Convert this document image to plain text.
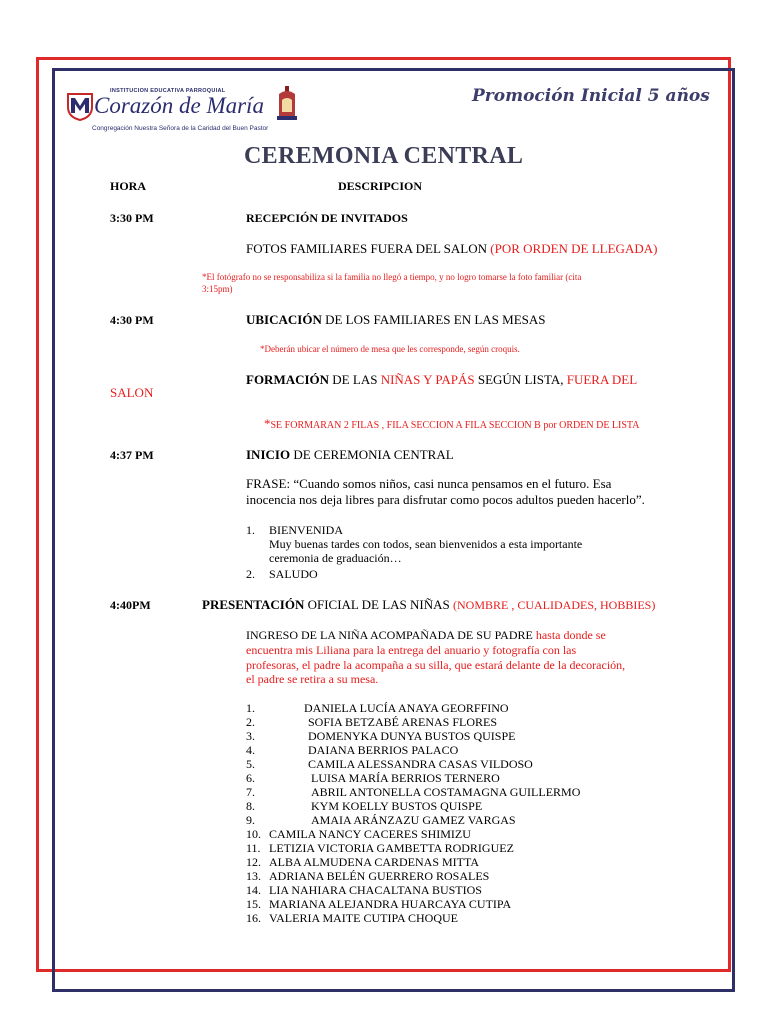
INSTITUCION EDUCATIVA PARROQUIAL
Corazón de María
Congregación Nuestra Señora de la Caridad del Buen Pastor
Promoción Inicial 5 años
CEREMONIA CENTRAL
HORA	DESCRIPCION
3:30 PM	RECEPCIÓN DE INVITADOS
FOTOS FAMILIARES FUERA DEL SALON (POR ORDEN DE LLEGADA)
*El fotógrafo no se responsabiliza si la familia no llegó a tiempo, y no logro tomarse la foto familiar (cita
3:15pm)
4:30 PM	UBICACIÓN DE LOS FAMILIARES EN LAS MESAS
*Deberán ubicar el número de mesa que les corresponde, según croquis.
FORMACIÓN DE LAS NIÑAS Y PAPÁS SEGÚN LISTA, FUERA DEL
SALON
*SE FORMARAN 2 FILAS , FILA SECCION A FILA SECCION B por ORDEN DE LISTA
4:37 PM	INICIO DE CEREMONIA CENTRAL
FRASE: “Cuando somos niños, casi nunca pensamos en el futuro. Esa
inocencia nos deja libres para disfrutar como pocos adultos pueden hacerlo”.
1. BIENVENIDA
Muy buenas tardes con todos, sean bienvenidos a esta importante
ceremonia de graduación…
2. SALUDO
4:40PM	PRESENTACIÓN OFICIAL DE LAS NIÑAS (NOMBRE , CUALIDADES, HOBBIES)
INGRESO DE LA NIÑA ACOMPAÑADA DE SU PADRE hasta donde se
encuentra mis Liliana para la entrega del anuario y fotografía con las
profesoras, el padre la acompaña a su silla, que estará delante de la decoración,
el padre se retira a su mesa.
1.	DANIELA LUCÍA ANAYA GEORFFINO
2.	SOFIA BETZABÉ ARENAS FLORES
3.	DOMENYKA DUNYA BUSTOS QUISPE
4.	DAIANA BERRIOS PALACO
5.	CAMILA ALESSANDRA CASAS VILDOSO
6.	LUISA MARÍA BERRIOS TERNERO
7.	ABRIL ANTONELLA COSTAMAGNA GUILLERMO
8.	KYM KOELLY BUSTOS QUISPE
9.	AMAIA ARÁNZAZU GAMEZ VARGAS
10. CAMILA NANCY CACERES SHIMIZU
11. LETIZIA VICTORIA GAMBETTA RODRIGUEZ
12. ALBA ALMUDENA CARDENAS MITTA
13. ADRIANA BELÉN GUERRERO ROSALES
14. LIA NAHIARA CHACALTANA BUSTIOS
15. MARIANA ALEJANDRA HUARCAYA CUTIPA
16. VALERIA MAITE CUTIPA CHOQUE
